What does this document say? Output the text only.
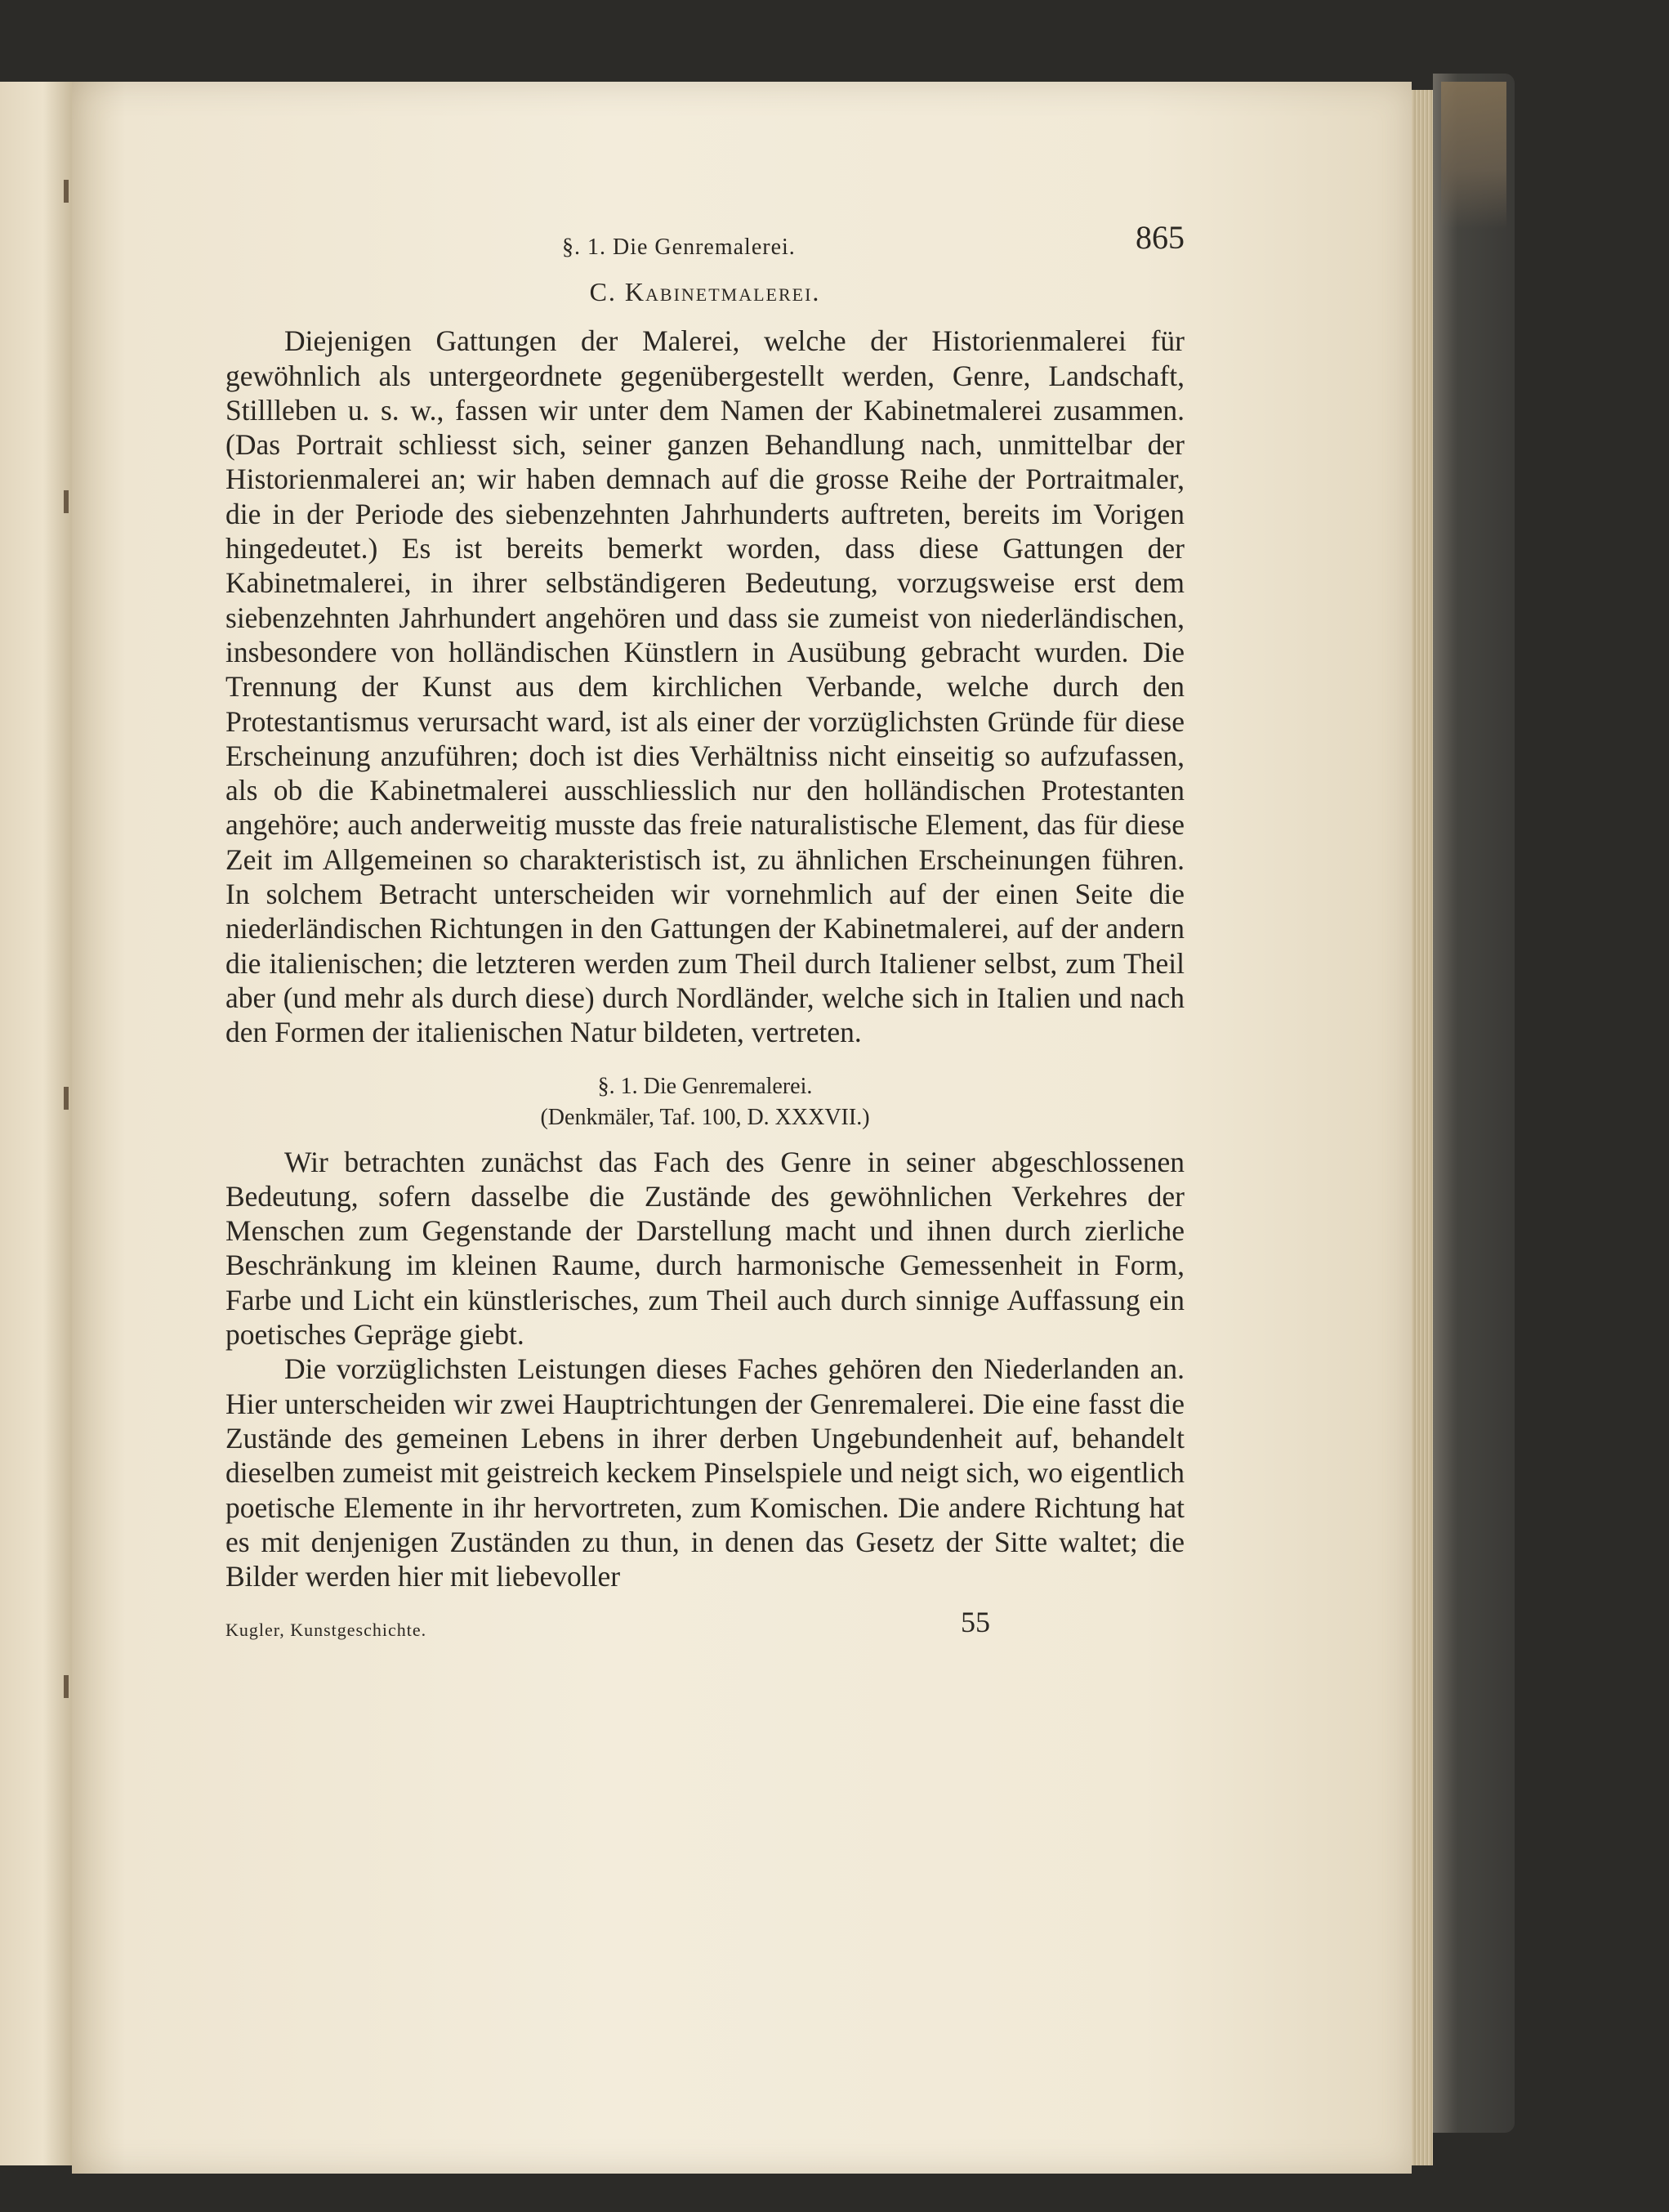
§. 1. Die Genremalerei.	865
C. Kabinetmalerei.

Diejenigen Gattungen der Malerei, welche der Historienmalerei für gewöhnlich als untergeordnete gegenübergestellt werden, Genre, Landschaft, Stillleben u. s. w., fassen wir unter dem Namen der Kabinetmalerei zusammen. (Das Portrait schliesst sich, seiner ganzen Behandlung nach, unmittelbar der Historienmalerei an; wir haben demnach auf die grosse Reihe der Portraitmaler, die in der Periode des siebenzehnten Jahrhunderts auftreten, bereits im Vorigen hingedeutet.) Es ist bereits bemerkt worden, dass diese Gattungen der Kabinetmalerei, in ihrer selbständigeren Bedeutung, vorzugsweise erst dem siebenzehnten Jahrhundert angehören und dass sie zumeist von niederländischen, insbesondere von holländischen Künstlern in Ausübung gebracht wurden. Die Trennung der Kunst aus dem kirchlichen Verbande, welche durch den Protestantismus verursacht ward, ist als einer der vorzüglichsten Gründe für diese Erscheinung anzuführen; doch ist dies Verhältniss nicht einseitig so aufzufassen, als ob die Kabinetmalerei ausschliesslich nur den holländischen Protestanten angehöre; auch anderweitig musste das freie naturalistische Element, das für diese Zeit im Allgemeinen so charakteristisch ist, zu ähnlichen Erscheinungen führen. In solchem Betracht unterscheiden wir vornehmlich auf der einen Seite die niederländischen Richtungen in den Gattungen der Kabinetmalerei, auf der andern die italienischen; die letzteren werden zum Theil durch Italiener selbst, zum Theil aber (und mehr als durch diese) durch Nordländer, welche sich in Italien und nach den Formen der italienischen Natur bildeten, vertreten.

§. 1. Die Genremalerei.
(Denkmäler, Taf. 100, D. XXXVII.)

Wir betrachten zunächst das Fach des Genre in seiner abgeschlossenen Bedeutung, sofern dasselbe die Zustände des gewöhnlichen Verkehres der Menschen zum Gegenstande der Darstellung macht und ihnen durch zierliche Beschränkung im kleinen Raume, durch harmonische Gemessenheit in Form, Farbe und Licht ein künstlerisches, zum Theil auch durch sinnige Auffassung ein poetisches Gepräge giebt.

Die vorzüglichsten Leistungen dieses Faches gehören den Niederlanden an. Hier unterscheiden wir zwei Hauptrichtungen der Genremalerei. Die eine fasst die Zustände des gemeinen Lebens in ihrer derben Ungebundenheit auf, behandelt dieselben zumeist mit geistreich keckem Pinselspiele und neigt sich, wo eigentlich poetische Elemente in ihr hervortreten, zum Komischen. Die andere Richtung hat es mit denjenigen Zuständen zu thun, in denen das Gesetz der Sitte waltet; die Bilder werden hier mit liebevoller

Kugler, Kunstgeschichte.	55
